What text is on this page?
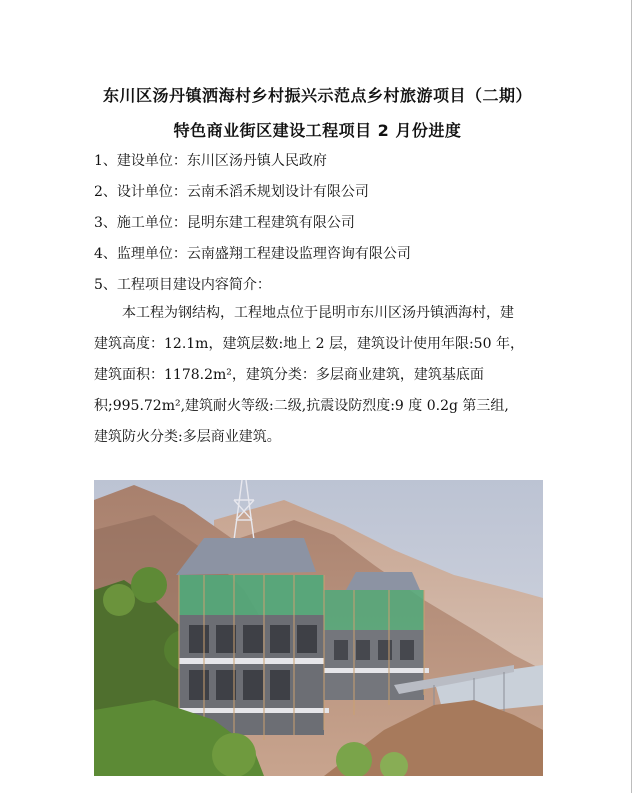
东川区汤丹镇洒海村乡村振兴示范点乡村旅游项目（二期）
特色商业街区建设工程项目 2 月份进度
1、建设单位：东川区汤丹镇人民政府
2、设计单位：云南禾滔禾规划设计有限公司
3、施工单位：昆明东建工程建筑有限公司
4、监理单位：云南盛翔工程建设监理咨询有限公司
5、工程项目建设内容简介：
　　本工程为钢结构，工程地点位于昆明市东川区汤丹镇洒海村，建
建筑高度：12.1m，建筑层数:地上 2 层，建筑设计使用年限:50 年，
建筑面积：1178.2m²，建筑分类：多层商业建筑，建筑基底面
积;995.72m²,建筑耐火等级:二级,抗震设防烈度:9 度 0.2g 第三组,
建筑防火分类:多层商业建筑。
